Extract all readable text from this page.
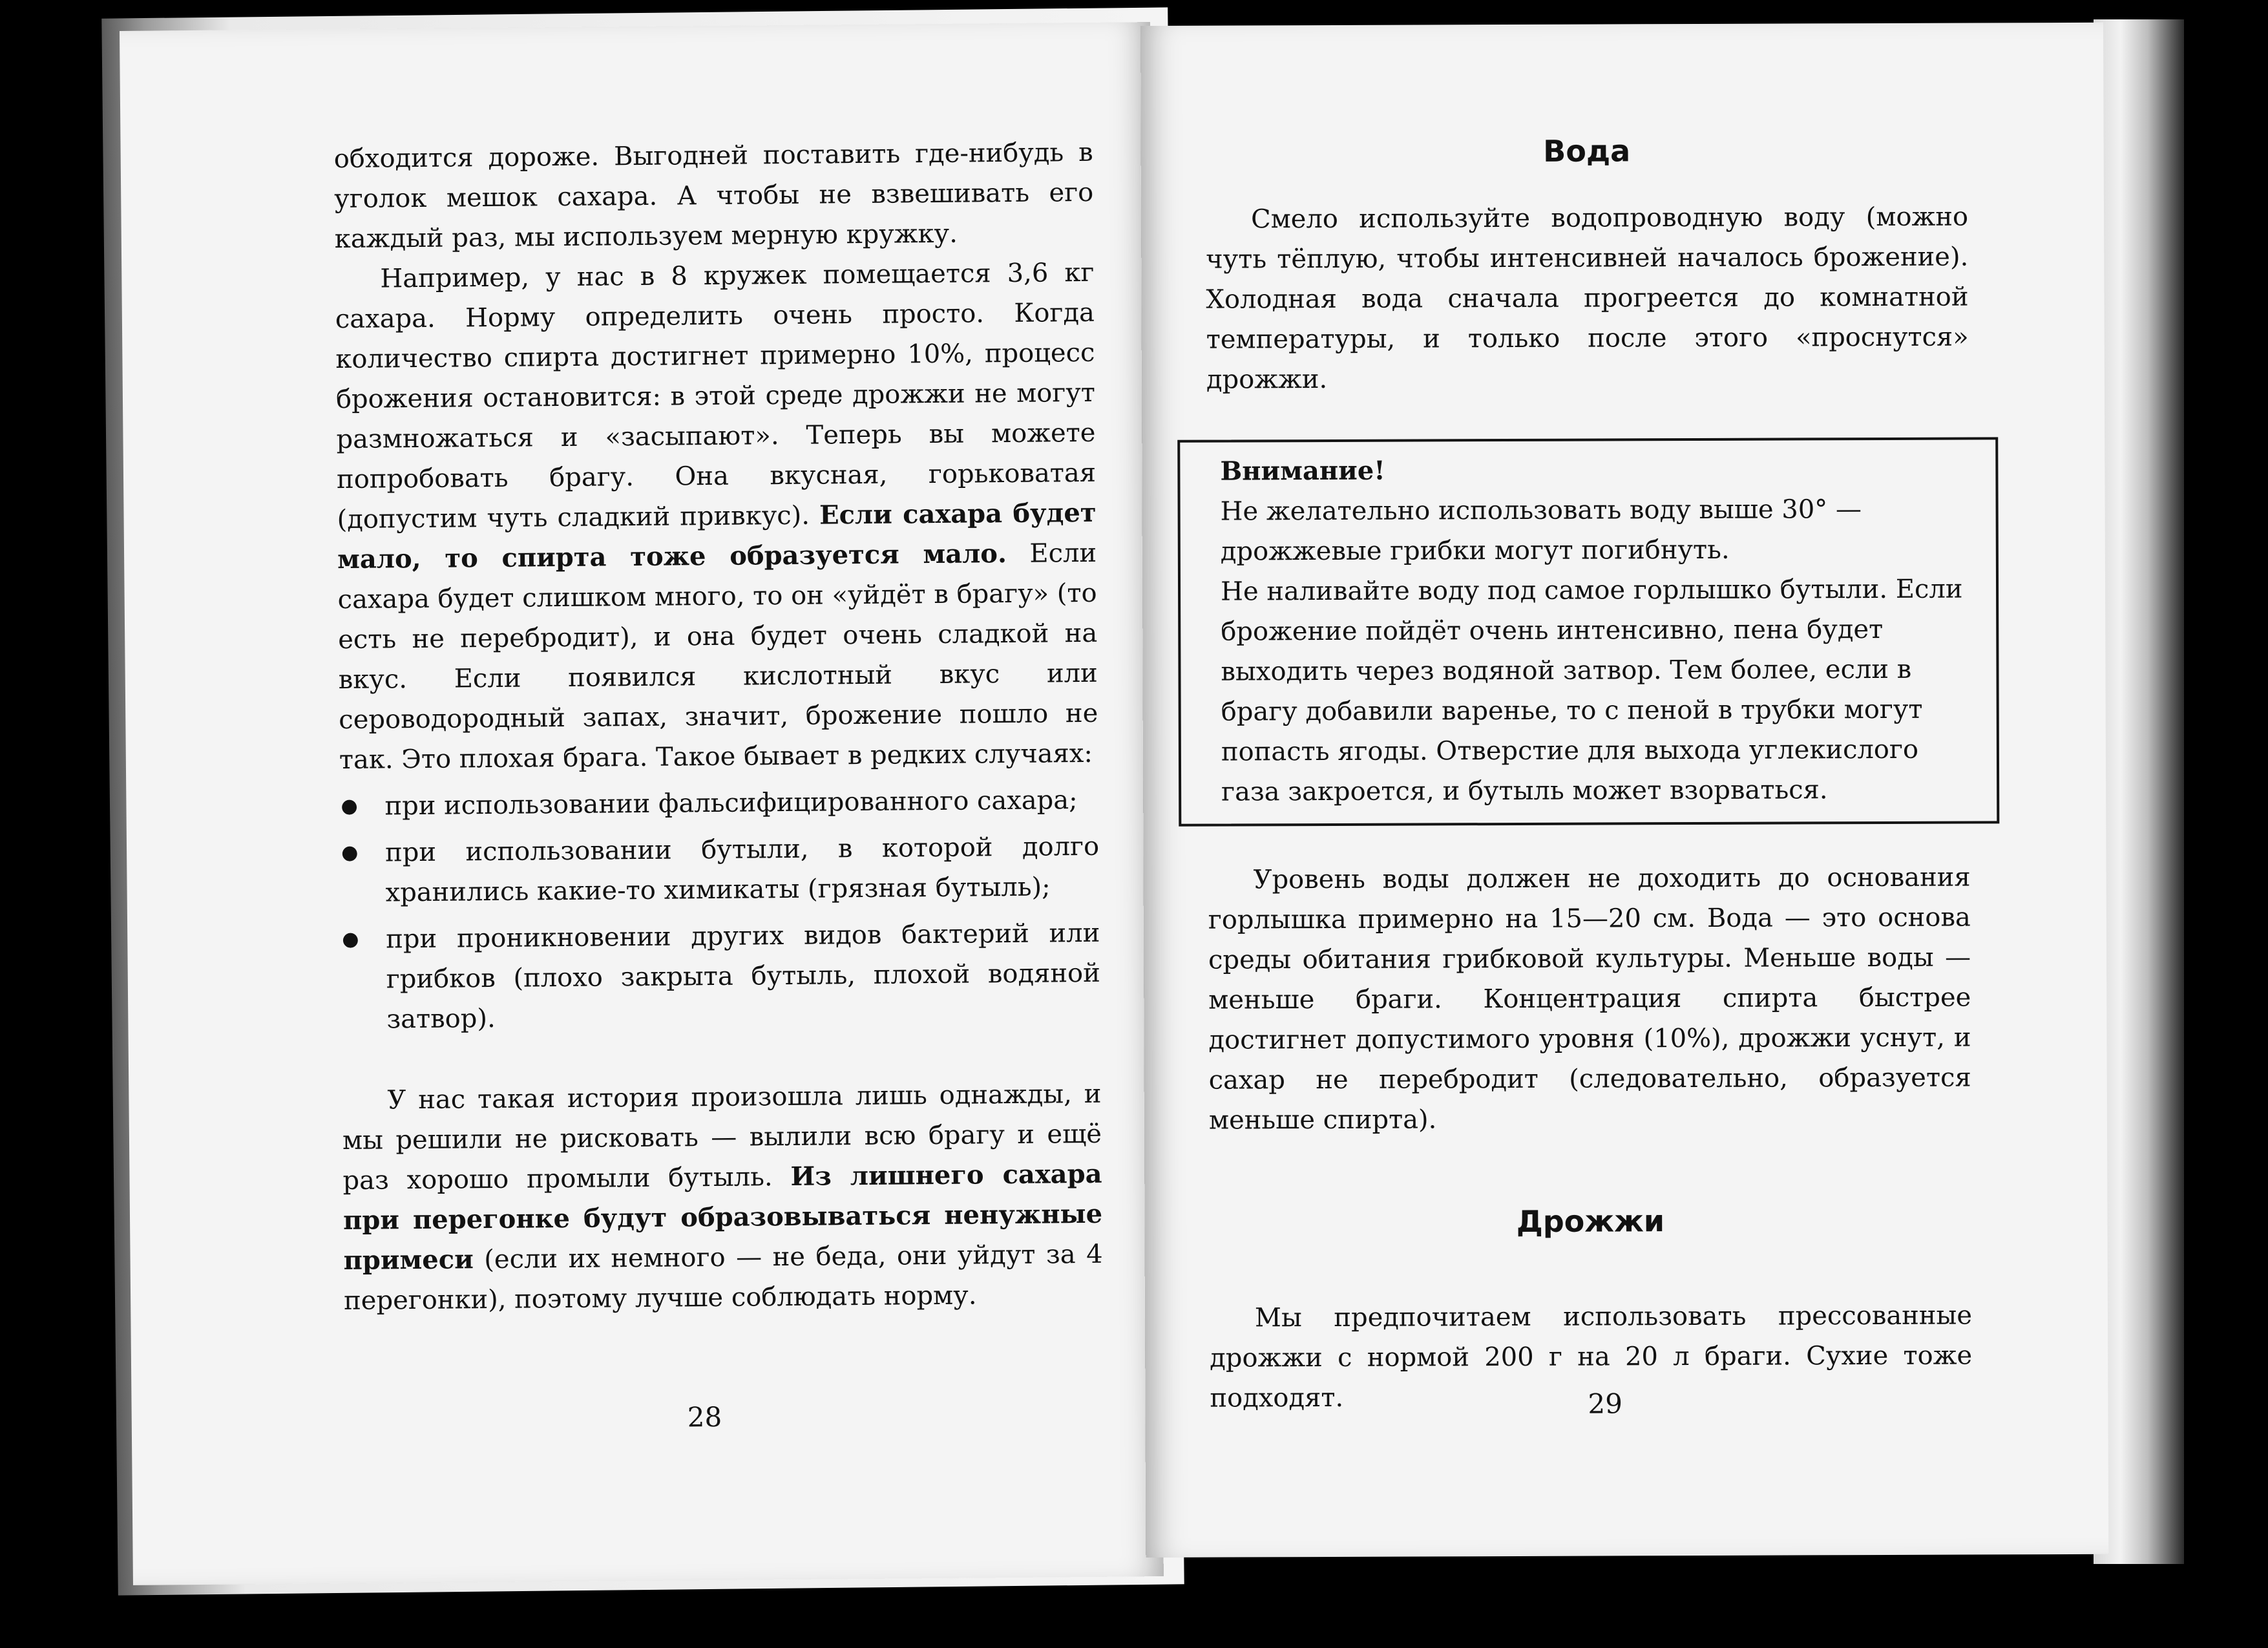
обходится дороже. Выгодней поставить где-нибудь в уголок мешок сахара. А чтобы не взвешивать его каждый раз, мы используем мерную кружку.

Например, у нас в 8 кружек помещается 3,6 кг сахара. Норму определить очень просто. Когда количество спирта достигнет примерно 10%, процесс брожения остановится: в этой среде дрожжи не могут размножаться и «засыпают». Теперь вы можете попробовать брагу. Она вкусная, горьковатая (допустим чуть сладкий привкус). Если сахара будет мало, то спирта тоже образуется мало. Если сахара будет слишком много, то он «уйдёт в брагу» (то есть не перебродит), и она будет очень сладкой на вкус. Если появился кислотный вкус или сероводородный запах, значит, брожение пошло не так. Это плохая брага. Такое бывает в редких случаях:

● при использовании фальсифицированного сахара;
● при использовании бутыли, в которой долго хранились какие-то химикаты (грязная бутыль);
● при проникновении других видов бактерий или грибков (плохо закрыта бутыль, плохой водяной затвор).

У нас такая история произошла лишь однажды, и мы решили не рисковать — вылили всю брагу и ещё раз хорошо промыли бутыль. Из лишнего сахара при перегонке будут образовываться ненужные примеси (если их немного — не беда, они уйдут за 4 перегонки), поэтому лучше соблюдать норму.

28
Вода

Смело используйте водопроводную воду (можно чуть тёплую, чтобы интенсивней началось брожение). Холодная вода сначала прогреется до комнатной температуры, и только после этого «проснутся» дрожжи.

Внимание!
Не желательно использовать воду выше 30° — дрожжевые грибки могут погибнуть.
Не наливайте воду под самое горлышко бутыли. Если брожение пойдёт очень интенсивно, пена будет выходить через водяной затвор. Тем более, если в брагу добавили варенье, то с пеной в трубки могут попасть ягоды. Отверстие для выхода углекислого газа закроется, и бутыль может взорваться.

Уровень воды должен не доходить до основания горлышка примерно на 15—20 см. Вода — это основа среды обитания грибковой культуры. Меньше воды — меньше браги. Концентрация спирта быстрее достигнет допустимого уровня (10%), дрожжи уснут, и сахар не перебродит (следовательно, образуется меньше спирта).

Дрожжи

Мы предпочитаем использовать прессованные дрожжи с нормой 200 г на 20 л браги. Сухие тоже подходят.	29
